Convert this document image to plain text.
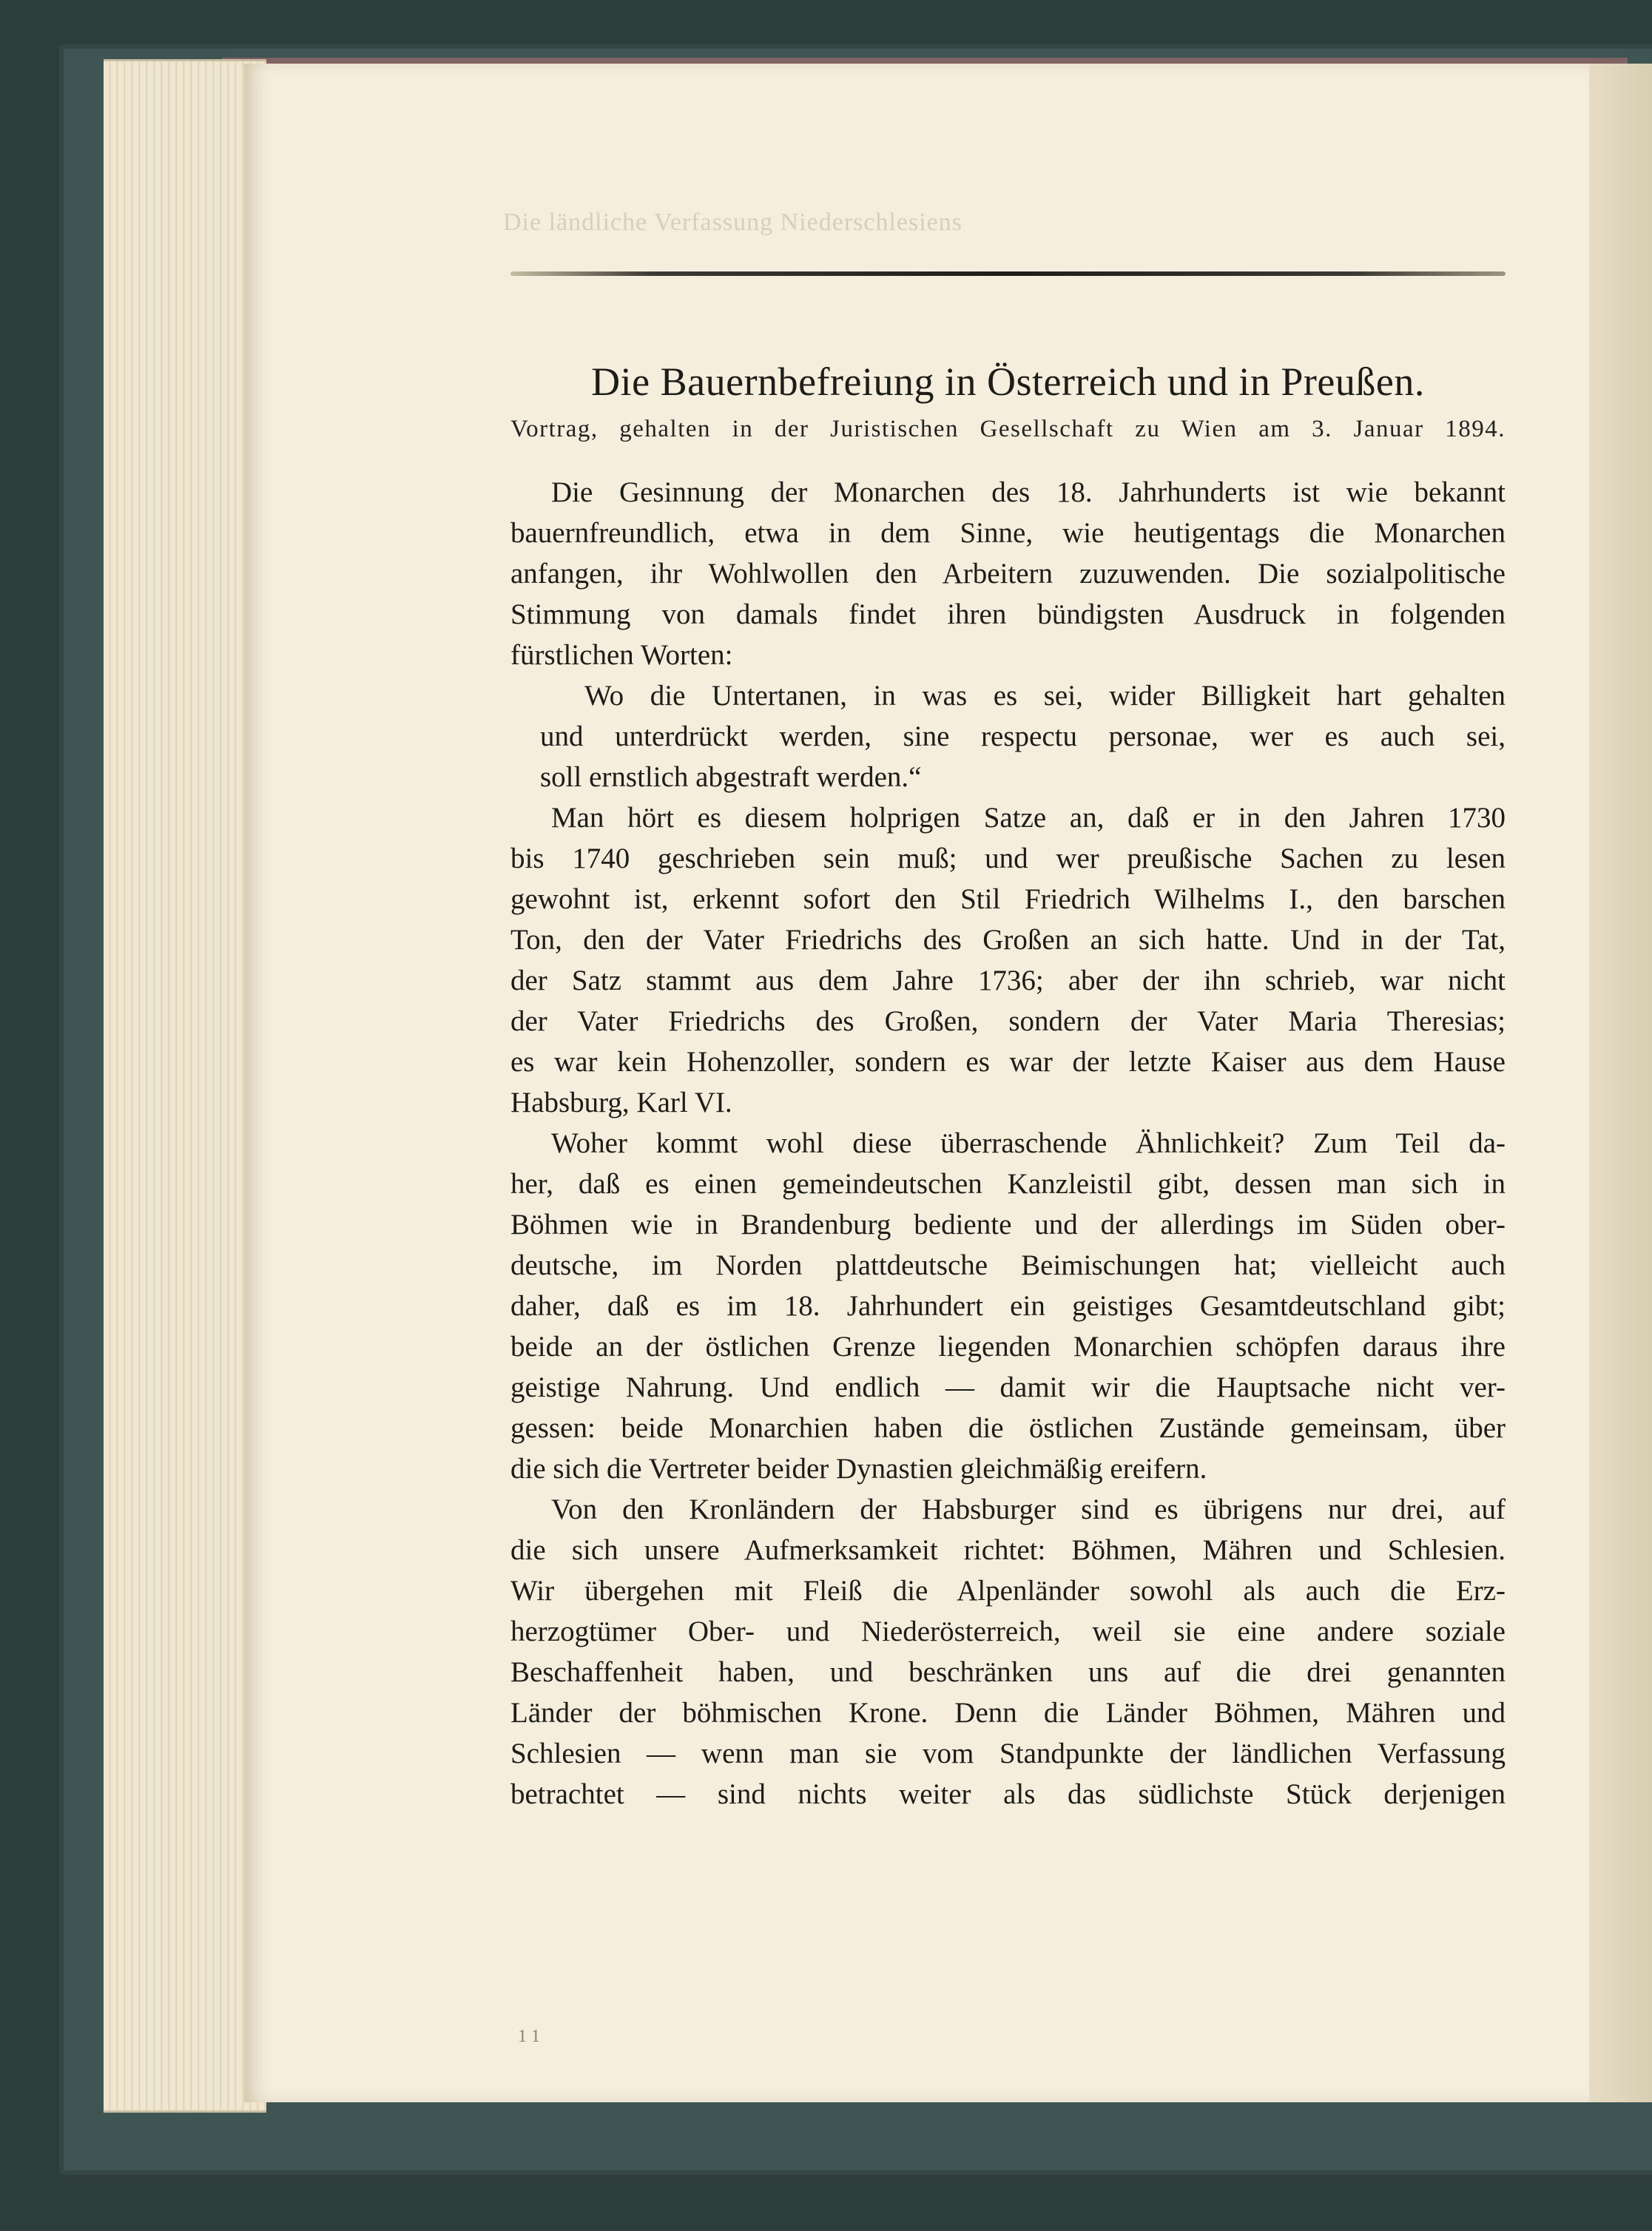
Die ländliche Verfassung Niederschlesiens
Die Bauernbefreiung in Österreich und in Preußen.
Vortrag, gehalten in der Juristischen Gesellschaft zu Wien am 3. Januar 1894.
Die Gesinnung der Monarchen des 18. Jahrhunderts ist wie bekannt
bauernfreundlich, etwa in dem Sinne, wie heutigentags die Monarchen
anfangen, ihr Wohlwollen den Arbeitern zuzuwenden. Die sozialpolitische
Stimmung von damals findet ihren bündigsten Ausdruck in folgenden
fürstlichen Worten:
Wo die Untertanen, in was es sei, wider Billigkeit hart gehalten
und unterdrückt werden, sine respectu personae, wer es auch sei,
soll ernstlich abgestraft werden.“
Man hört es diesem holprigen Satze an, daß er in den Jahren 1730
bis 1740 geschrieben sein muß; und wer preußische Sachen zu lesen
gewohnt ist, erkennt sofort den Stil Friedrich Wilhelms I., den barschen
Ton, den der Vater Friedrichs des Großen an sich hatte. Und in der Tat,
der Satz stammt aus dem Jahre 1736; aber der ihn schrieb, war nicht
der Vater Friedrichs des Großen, sondern der Vater Maria Theresias;
es war kein Hohenzoller, sondern es war der letzte Kaiser aus dem Hause
Habsburg, Karl VI.
Woher kommt wohl diese überraschende Ähnlichkeit? Zum Teil da-
her, daß es einen gemeindeutschen Kanzleistil gibt, dessen man sich in
Böhmen wie in Brandenburg bediente und der allerdings im Süden ober-
deutsche, im Norden plattdeutsche Beimischungen hat; vielleicht auch
daher, daß es im 18. Jahrhundert ein geistiges Gesamtdeutschland gibt;
beide an der östlichen Grenze liegenden Monarchien schöpfen daraus ihre
geistige Nahrung. Und endlich — damit wir die Hauptsache nicht ver-
gessen: beide Monarchien haben die östlichen Zustände gemeinsam, über
die sich die Vertreter beider Dynastien gleichmäßig ereifern.
Von den Kronländern der Habsburger sind es übrigens nur drei, auf
die sich unsere Aufmerksamkeit richtet: Böhmen, Mähren und Schlesien.
Wir übergehen mit Fleiß die Alpenländer sowohl als auch die Erz-
herzogtümer Ober- und Niederösterreich, weil sie eine andere soziale
Beschaffenheit haben, und beschränken uns auf die drei genannten
Länder der böhmischen Krone. Denn die Länder Böhmen, Mähren und
Schlesien — wenn man sie vom Standpunkte der ländlichen Verfassung
betrachtet — sind nichts weiter als das südlichste Stück derjenigen
1 1
